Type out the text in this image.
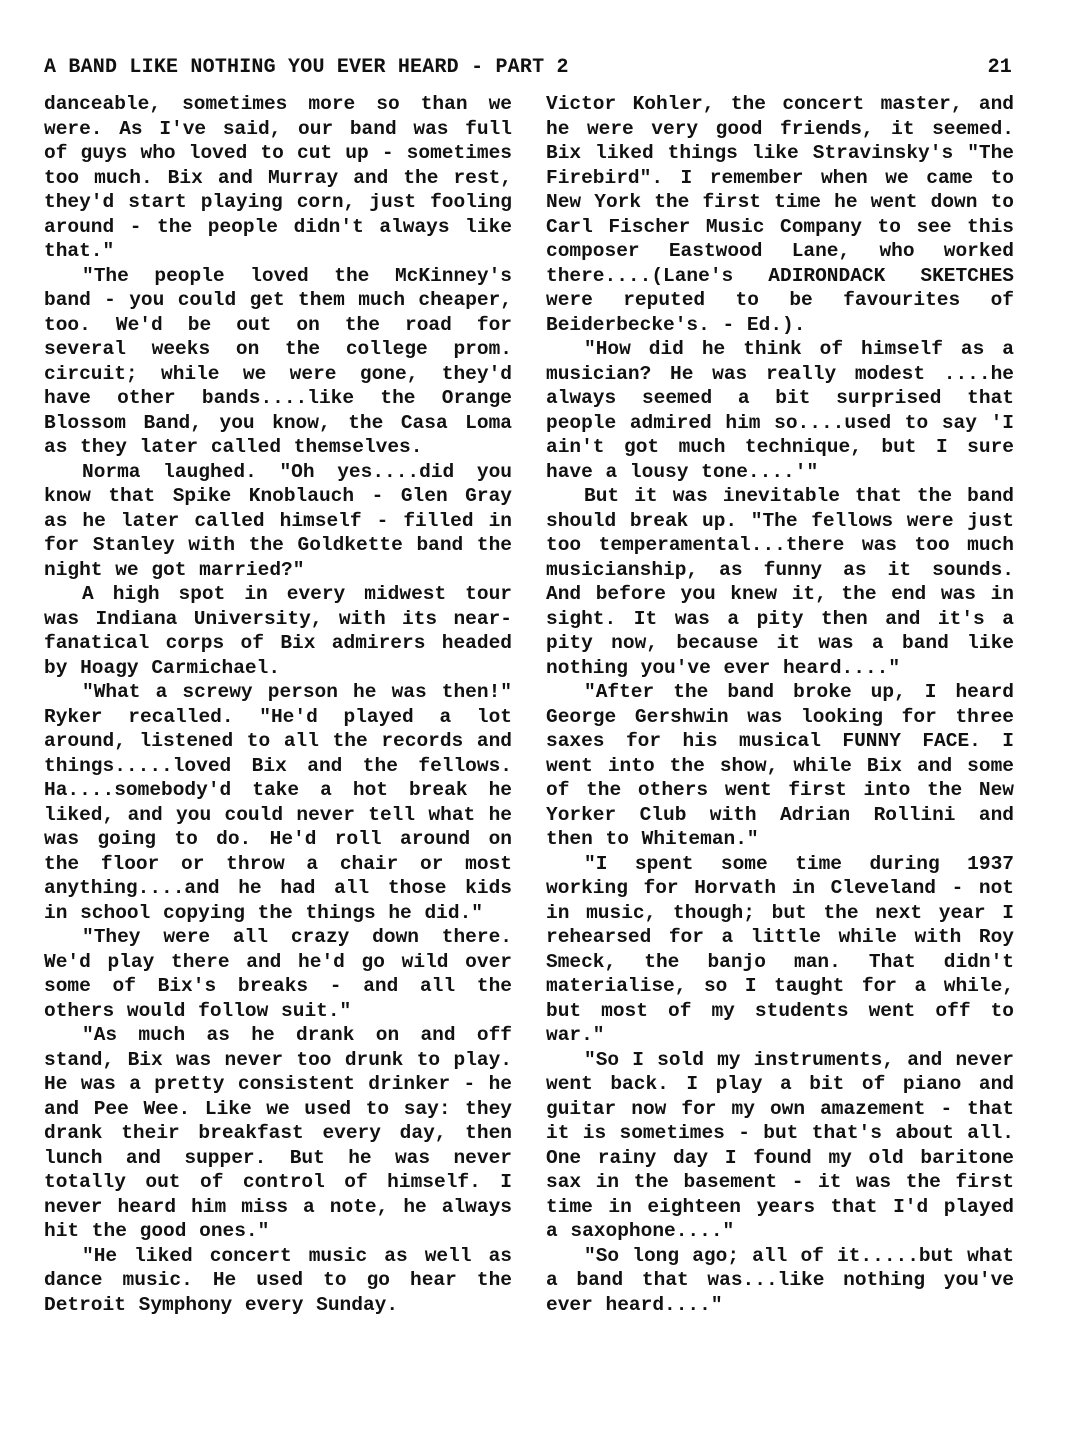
A BAND LIKE NOTHING YOU EVER HEARD - PART 2	21

danceable, sometimes more so than we were. As I've said, our band was full of guys who loved to cut up - sometimes too much. Bix and Murray and the rest, they'd start playing corn, just fooling around - the people didn't always like that."

"The people loved the McKinney's band - you could get them much cheaper, too. We'd be out on the road for several weeks on the college prom. circuit; while we were gone, they'd have other bands....like the Orange Blossom Band, you know, the Casa Loma as they later called themselves.

Norma laughed. "Oh yes....did you know that Spike Knoblauch - Glen Gray as he later called himself - filled in for Stanley with the Goldkette band the night we got married?"

A high spot in every midwest tour was Indiana University, with its near-fanatical corps of Bix admirers headed by Hoagy Carmichael.

"What a screwy person he was then!" Ryker recalled. "He'd played a lot around, listened to all the records and things.....loved Bix and the fellows. Ha....somebody'd take a hot break he liked, and you could never tell what he was going to do. He'd roll around on the floor or throw a chair or most anything....and he had all those kids in school copying the things he did."

"They were all crazy down there. We'd play there and he'd go wild over some of Bix's breaks - and all the others would follow suit."

"As much as he drank on and off stand, Bix was never too drunk to play. He was a pretty consistent drinker - he and Pee Wee. Like we used to say: they drank their breakfast every day, then lunch and supper. But he was never totally out of control of himself. I never heard him miss a note, he always hit the good ones."

"He liked concert music as well as dance music. He used to go hear the Detroit Symphony every Sunday.

Victor Kohler, the concert master, and he were very good friends, it seemed. Bix liked things like Stravinsky's "The Firebird". I remember when we came to New York the first time he went down to Carl Fischer Music Company to see this composer Eastwood Lane, who worked there....(Lane's ADIRONDACK SKETCHES were reputed to be favourites of Beiderbecke's. - Ed.).

"How did he think of himself as a musician? He was really modest ....he always seemed a bit surprised that people admired him so....used to say 'I ain't got much technique, but I sure have a lousy tone....'"

But it was inevitable that the band should break up. "The fellows were just too temperamental...there was too much musicianship, as funny as it sounds. And before you knew it, the end was in sight. It was a pity then and it's a pity now, because it was a band like nothing you've ever heard...."

"After the band broke up, I heard George Gershwin was looking for three saxes for his musical FUNNY FACE. I went into the show, while Bix and some of the others went first into the New Yorker Club with Adrian Rollini and then to Whiteman."

"I spent some time during 1937 working for Horvath in Cleveland - not in music, though; but the next year I rehearsed for a little while with Roy Smeck, the banjo man. That didn't materialise, so I taught for a while, but most of my students went off to war."

"So I sold my instruments, and never went back. I play a bit of piano and guitar now for my own amazement - that it is sometimes - but that's about all. One rainy day I found my old baritone sax in the basement - it was the first time in eighteen years that I'd played a saxophone...."

"So long ago; all of it.....but what a band that was...like nothing you've ever heard...."
